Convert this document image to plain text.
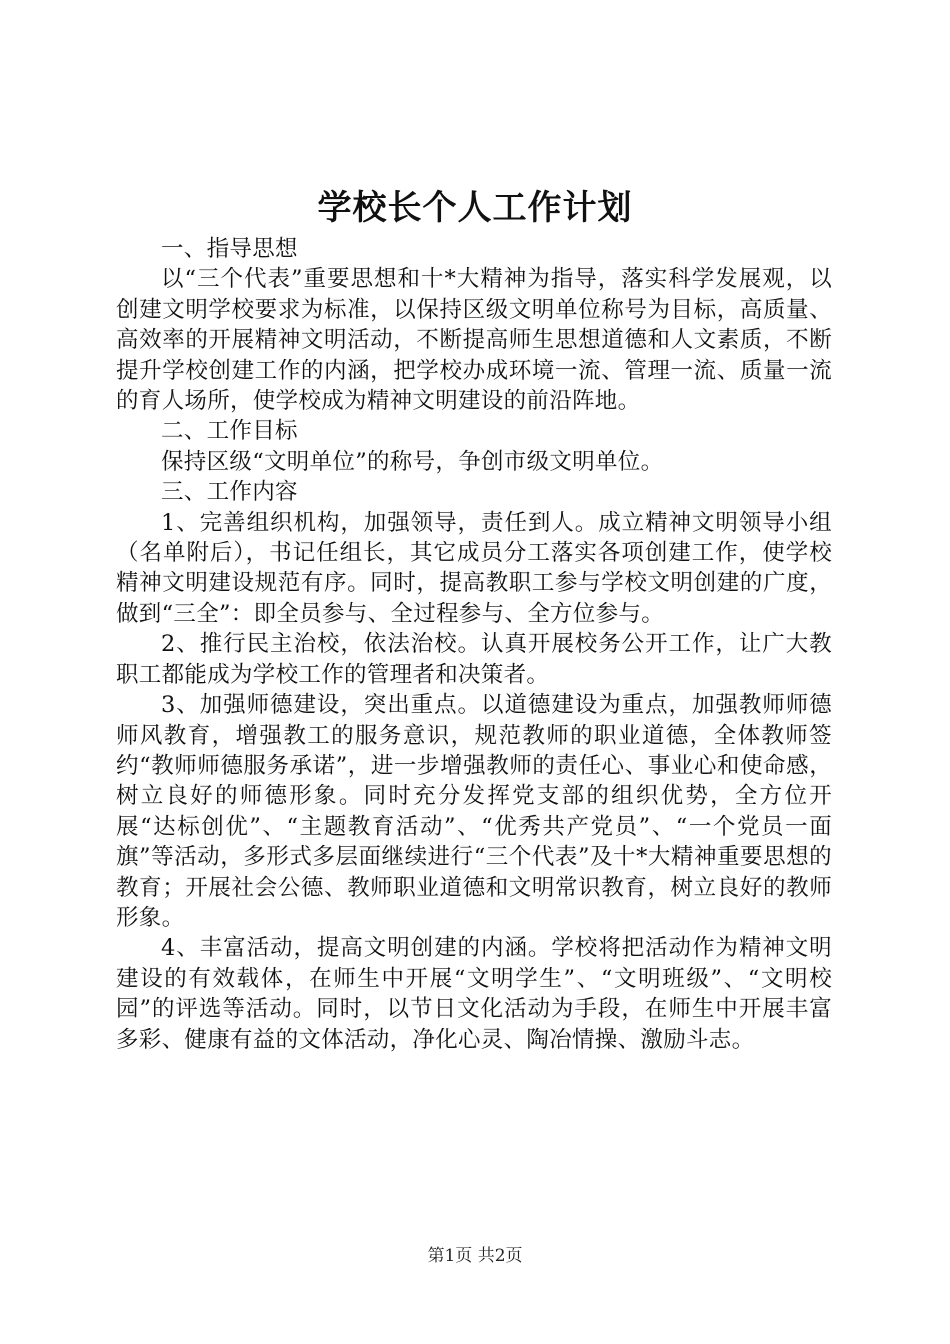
学校长个人工作计划

一、指导思想

以“三个代表”重要思想和十*大精神为指导，落实科学发展观，以创建文明学校要求为标准，以保持区级文明单位称号为目标，高质量、高效率的开展精神文明活动，不断提高师生思想道德和人文素质，不断提升学校创建工作的内涵，把学校办成环境一流、管理一流、质量一流的育人场所，使学校成为精神文明建设的前沿阵地。

二、工作目标

保持区级“文明单位”的称号，争创市级文明单位。

三、工作内容

1、完善组织机构，加强领导，责任到人。成立精神文明领导小组（名单附后），书记任组长，其它成员分工落实各项创建工作，使学校精神文明建设规范有序。同时，提高教职工参与学校文明创建的广度，做到“三全”：即全员参与、全过程参与、全方位参与。

2、推行民主治校，依法治校。认真开展校务公开工作，让广大教职工都能成为学校工作的管理者和决策者。

3、加强师德建设，突出重点。以道德建设为重点，加强教师师德师风教育，增强教工的服务意识，规范教师的职业道德，全体教师签约“教师师德服务承诺”，进一步增强教师的责任心、事业心和使命感，树立良好的师德形象。同时充分发挥党支部的组织优势，全方位开展“达标创优”、“主题教育活动”、“优秀共产党员”、“一个党员一面旗”等活动，多形式多层面继续进行“三个代表”及十*大精神重要思想的教育；开展社会公德、教师职业道德和文明常识教育，树立良好的教师形象。

4、丰富活动，提高文明创建的内涵。学校将把活动作为精神文明建设的有效载体，在师生中开展“文明学生”、“文明班级”、“文明校园”的评选等活动。同时，以节日文化活动为手段，在师生中开展丰富多彩、健康有益的文体活动，净化心灵、陶冶情操、激励斗志。

第1页 共2页
